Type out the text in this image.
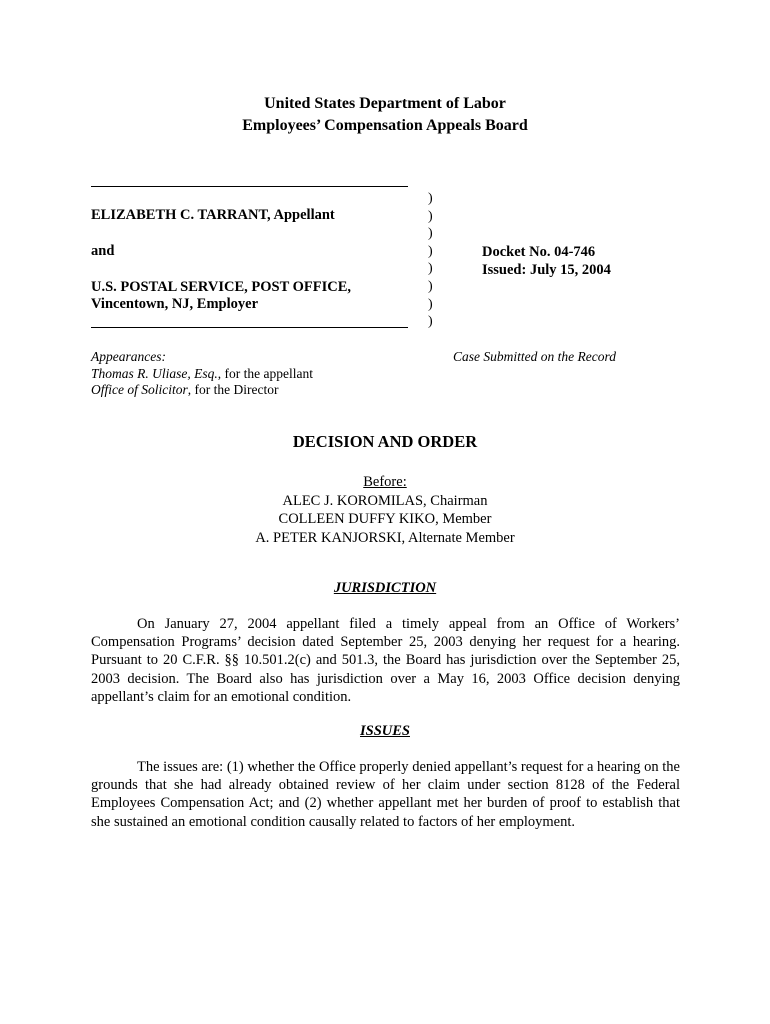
United States Department of Labor
Employees’ Compensation Appeals Board
ELIZABETH C. TARRANT, Appellant
and
U.S. POSTAL SERVICE, POST OFFICE,
Vincentown, NJ, Employer
)
)
)
)
)
)
)
)
Docket No. 04-746
Issued: July 15, 2004
Appearances:
Thomas R. Uliase, Esq., for the appellant
Office of Solicitor, for the Director
Case Submitted on the Record
DECISION AND ORDER
Before:
ALEC J. KOROMILAS, Chairman
COLLEEN DUFFY KIKO, Member
A. PETER KANJORSKI, Alternate Member
JURISDICTION

On January 27, 2004 appellant filed a timely appeal from an Office of Workers’ Compensation Programs’ decision dated September 25, 2003 denying her request for a hearing. Pursuant to 20 C.F.R. §§ 10.501.2(c) and 501.3, the Board has jurisdiction over the September 25, 2003 decision. The Board also has jurisdiction over a May 16, 2003 Office decision denying appellant’s claim for an emotional condition.

ISSUES

The issues are: (1) whether the Office properly denied appellant’s request for a hearing on the grounds that she had already obtained review of her claim under section 8128 of the Federal Employees Compensation Act; and (2) whether appellant met her burden of proof to establish that she sustained an emotional condition causally related to factors of her employment.
